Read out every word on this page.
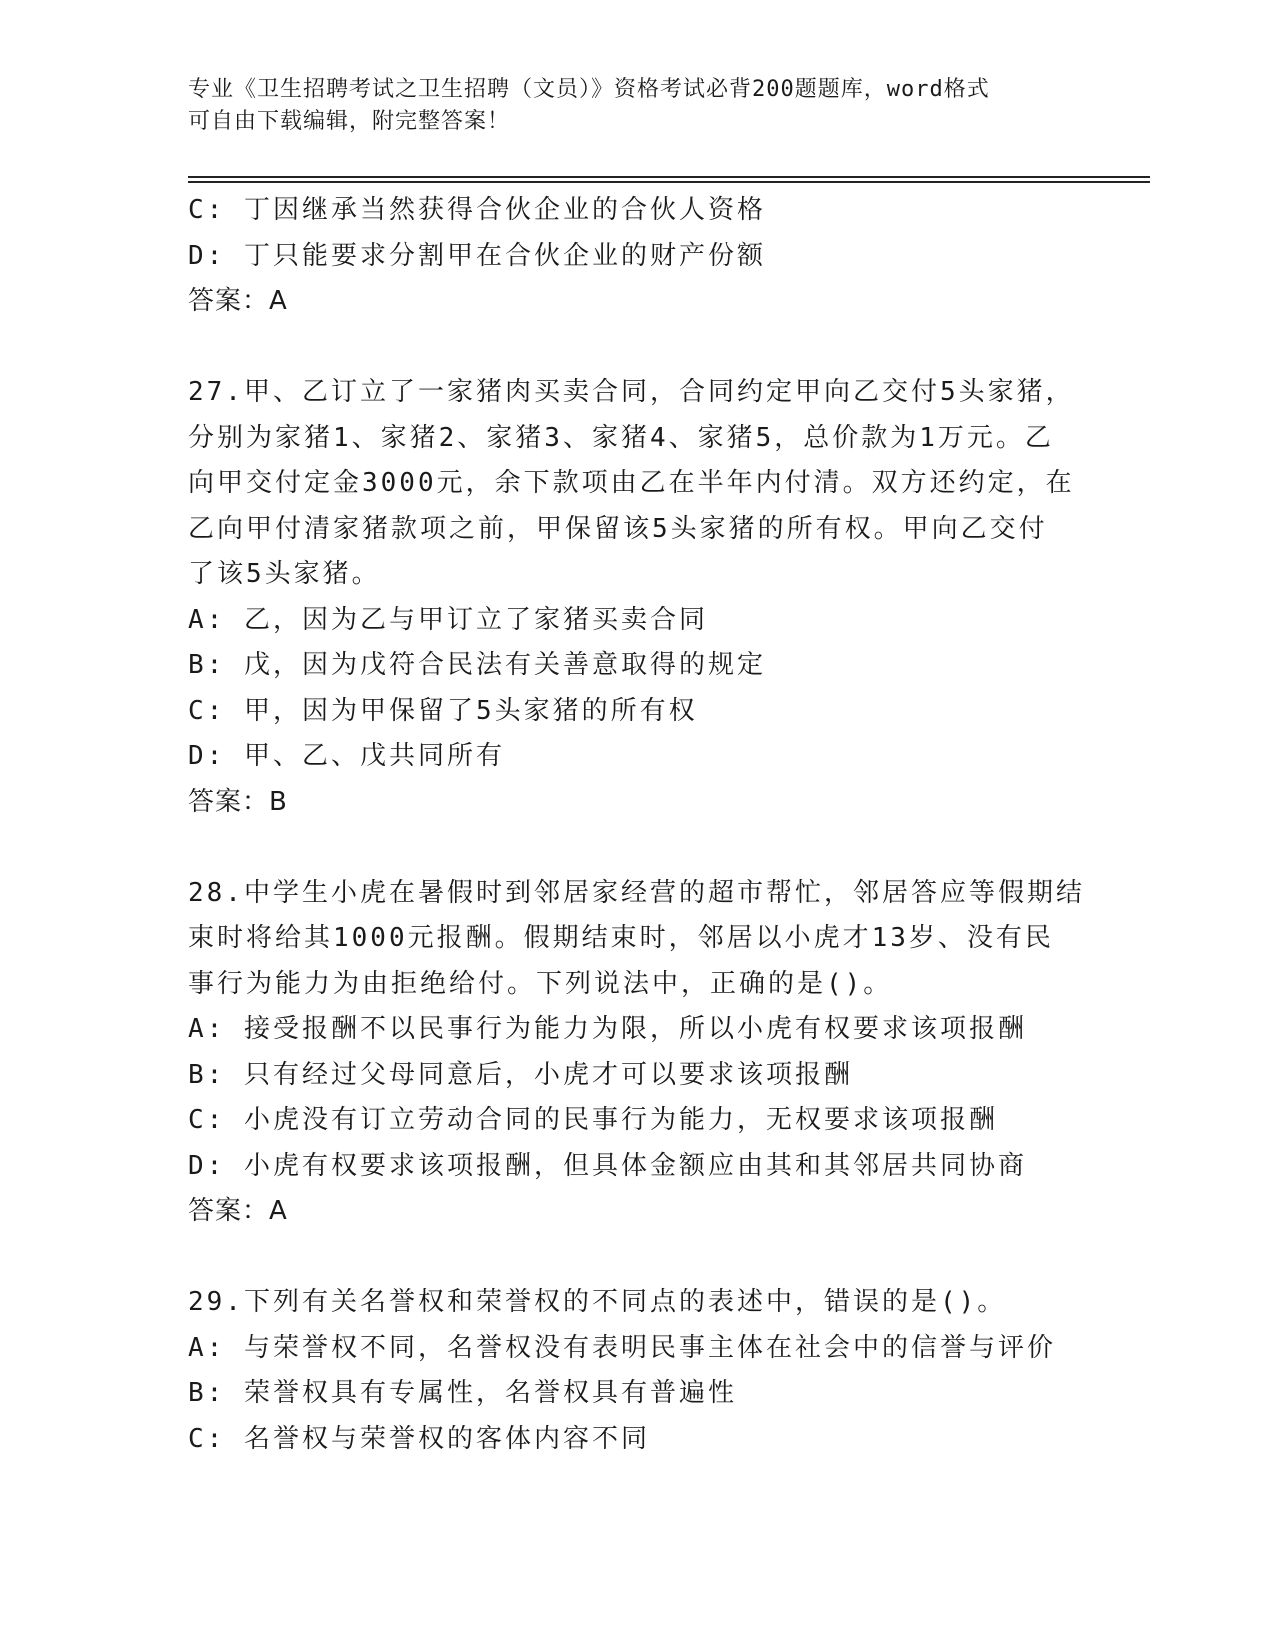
专业《卫生招聘考试之卫生招聘（文员）》资格考试必背200题题库，word格式
可自由下载编辑，附完整答案！
C: 丁因继承当然获得合伙企业的合伙人资格
D: 丁只能要求分割甲在合伙企业的财产份额
答案：A
27.甲、乙订立了一家猪肉买卖合同，合同约定甲向乙交付5头家猪，
分别为家猪1、家猪2、家猪3、家猪4、家猪5，总价款为1万元。乙
向甲交付定金3000元，余下款项由乙在半年内付清。双方还约定，在
乙向甲付清家猪款项之前，甲保留该5头家猪的所有权。甲向乙交付
了该5头家猪。
A: 乙，因为乙与甲订立了家猪买卖合同
B: 戊，因为戊符合民法有关善意取得的规定
C: 甲，因为甲保留了5头家猪的所有权
D: 甲、乙、戊共同所有
答案：B
28.中学生小虎在暑假时到邻居家经营的超市帮忙，邻居答应等假期结
束时将给其1000元报酬。假期结束时，邻居以小虎才13岁、没有民
事行为能力为由拒绝给付。下列说法中，正确的是()。
A: 接受报酬不以民事行为能力为限，所以小虎有权要求该项报酬
B: 只有经过父母同意后，小虎才可以要求该项报酬
C: 小虎没有订立劳动合同的民事行为能力，无权要求该项报酬
D: 小虎有权要求该项报酬，但具体金额应由其和其邻居共同协商
答案：A
29.下列有关名誉权和荣誉权的不同点的表述中，错误的是()。
A: 与荣誉权不同，名誉权没有表明民事主体在社会中的信誉与评价
B: 荣誉权具有专属性，名誉权具有普遍性
C: 名誉权与荣誉权的客体内容不同
